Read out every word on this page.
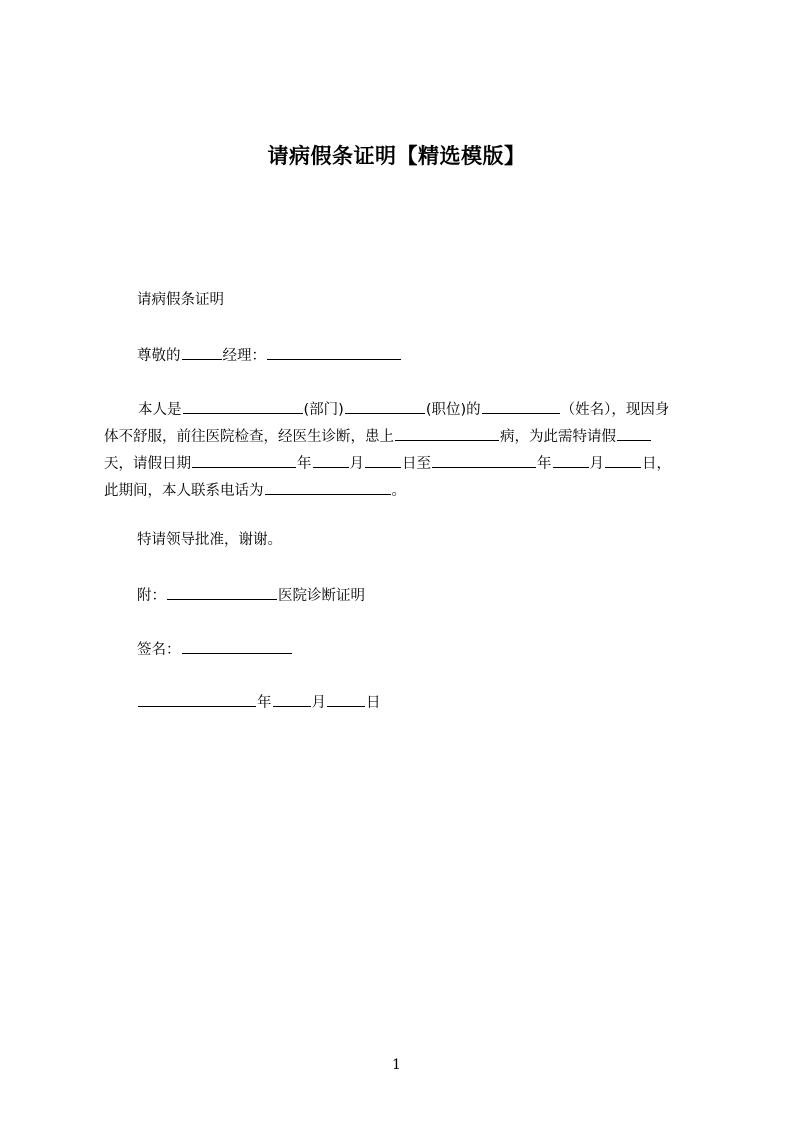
请病假条证明【精选模版】
请病假条证明
尊敬的	经理：
本人是	(部门)	(职位)的	（姓名），现因身
体不舒服，前往医院检查，经医生诊断，患上	病，为此需特请假
天，请假日期	年	月	日至	年	月	日，
此期间，本人联系电话为	。
特请领导批准，谢谢。
附：	医院诊断证明
签名：
年	月	日
1
